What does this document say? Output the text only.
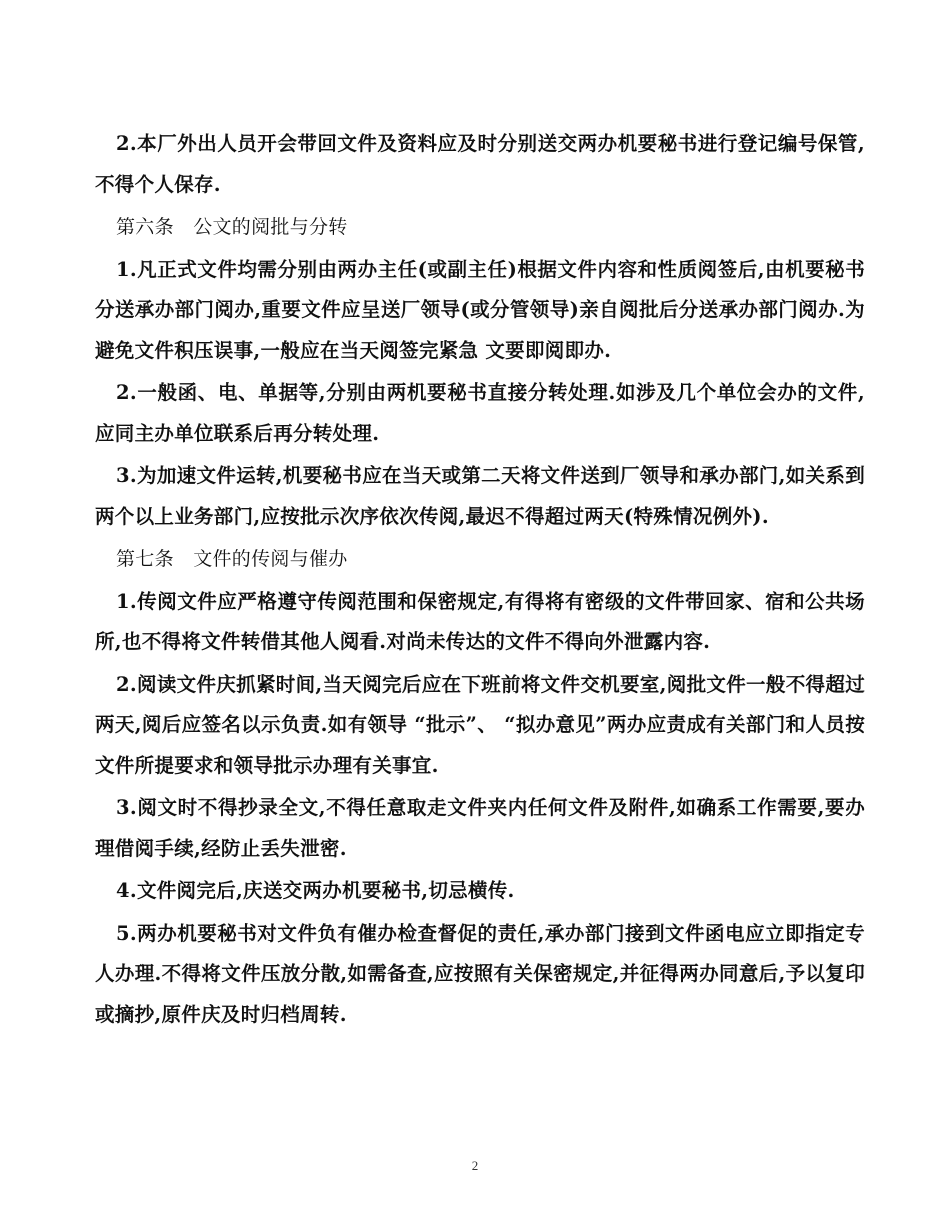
2.本厂外出人员开会带回文件及资料应及时分别送交两办机要秘书进行登记编号保管,不得个人保存.

第六条　公文的阅批与分转

1.凡正式文件均需分别由两办主任(或副主任)根据文件内容和性质阅签后,由机要秘书分送承办部门阅办,重要文件应呈送厂领导(或分管领导)亲自阅批后分送承办部门阅办.为避免文件积压误事,一般应在当天阅签完紧急 文要即阅即办.

2.一般函、电、单据等,分别由两机要秘书直接分转处理.如涉及几个单位会办的文件,应同主办单位联系后再分转处理.

3.为加速文件运转,机要秘书应在当天或第二天将文件送到厂领导和承办部门,如关系到两个以上业务部门,应按批示次序依次传阅,最迟不得超过两天(特殊情况例外).

第七条　文件的传阅与催办

1.传阅文件应严格遵守传阅范围和保密规定,有得将有密级的文件带回家、宿和公共场所,也不得将文件转借其他人阅看.对尚未传达的文件不得向外泄露内容.

2.阅读文件庆抓紧时间,当天阅完后应在下班前将文件交机要室,阅批文件一般不得超过两天,阅后应签名以示负责.如有领导 “批示”、 “拟办意见”两办应责成有关部门和人员按文件所提要求和领导批示办理有关事宜.

3.阅文时不得抄录全文,不得任意取走文件夹内任何文件及附件,如确系工作需要,要办理借阅手续,经防止丢失泄密.

4.文件阅完后,庆送交两办机要秘书,切忌横传.

5.两办机要秘书对文件负有催办检查督促的责任,承办部门接到文件函电应立即指定专人办理.不得将文件压放分散,如需备查,应按照有关保密规定,并征得两办同意后,予以复印或摘抄,原件庆及时归档周转.

2
